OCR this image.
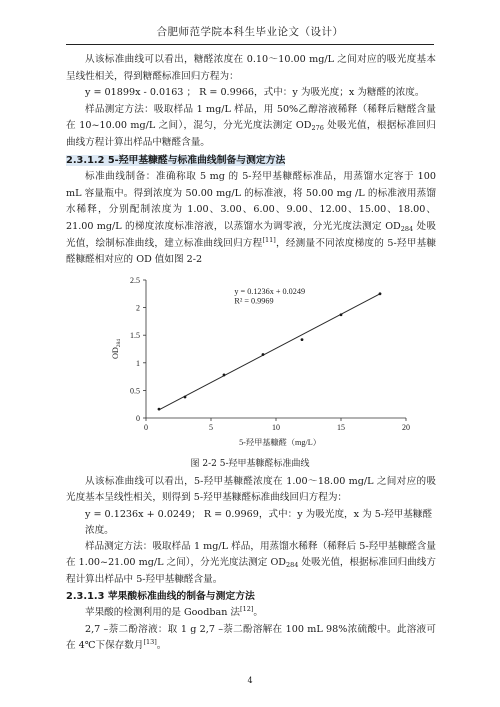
合肥师范学院本科生毕业论文（设计）
从该标准曲线可以看出，糖醛浓度在 0.10～10.00 mg/L 之间对应的吸光度基本呈线性相关，得到糖醛标准回归方程为：
y = 01899x - 0.0163 ； R = 0.9966，式中：y 为吸光度；x 为糖醛的浓度。
样品测定方法：吸取样品 1 mg/L 样品，用 50%乙醇溶液稀释（稀释后糖醛含量在 10~10.00 mg/L 之间），混匀，分光光度法测定 $OD_{276}$ 处吸光值，根据标准回归曲线方程计算出样品中糖醛含量。
2.3.1.2 5-羟甲基糠醛与标准曲线制备与测定方法
标准曲线制备：准确称取 5 mg 的 5-羟甲基糠醛标准品，用蒸馏水定容于 100 mL 容量瓶中。得到浓度为 50.00 mg/L 的标准液，将 50.00 mg /L 的标准液用蒸馏水稀释，分别配制浓度为 1.00、3.00、6.00、9.00、12.00、15.00、18.00、21.00 mg/L 的梯度浓度标准溶液，以蒸馏水为调零液，分光光度法测定 $OD_{284}$ 处吸光值，绘制标准曲线，建立标准曲线回归方程[11]，经测量不同浓度梯度的 5-羟甲基糠醛糠醛相对应的 OD 值如图 2-2
0	5	10	15	20
0
0.5
1
1.5
2
2.5
y = 0.1236x + 0.0249
R² = 0.9969
5-羟甲基糠醛（mg/L）
$OD_{284}$
图 2-2 5-羟甲基糠醛标准曲线
从该标准曲线可以看出，5-羟甲基糠醛浓度在 1.00～18.00 mg/L 之间对应的吸光度基本呈线性相关，则得到 5-羟甲基糠醛标准曲线回归方程为：
y = 0.1236x + 0.0249； R = 0.9969，式中：y 为吸光度，x 为 5-羟甲基糠醛浓度。
样品测定方法：吸取样品 1 mg/L 样品，用蒸馏水稀释（稀释后 5-羟甲基糠醛含量在 1.00~21.00 mg/L 之间），分光光度法测定 $OD_{284}$ 处吸光值，根据标准回归曲线方程计算出样品中 5-羟甲基糠醛含量。
2.3.1.3 苹果酸标准曲线的制备与测定方法
苹果酸的检测利用的是 Goodban 法[12]。
2,7 –萘二酚溶液：取 1 g 2,7 –萘二酚溶解在 100 mL 98%浓硫酸中。此溶液可在 4℃下保存数月[13]。
4
